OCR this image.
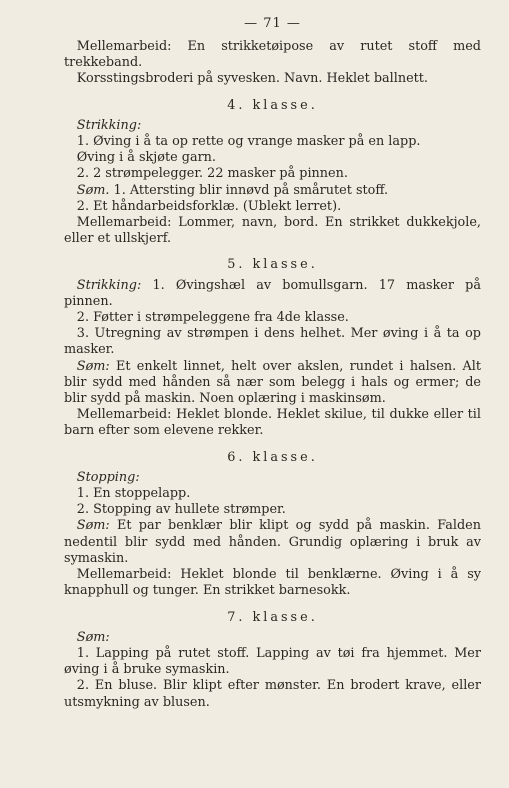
— 71 —

Mellemarbeid: En strikketøipose av rutet stoff med trekkeband.

Korsstingsbroderi på syvesken. Navn. Heklet ballnett.

4. klasse.

Strikking:

1. Øving i å ta op rette og vrange masker på en lapp.

Øving i å skjøte garn.

2. 2 strømpelegger. 22 masker på pinnen.

Søm. 1. Attersting blir innøvd på smårutet stoff.

2. Et håndarbeidsforklæ. (Ublekt lerret).

Mellemarbeid: Lommer, navn, bord. En strikket dukkekjole, eller et ullskjerf.

5. klasse.

Strikking: 1. Øvingshæl av bomullsgarn. 17 masker på pinnen.

2. Føtter i strømpeleggene fra 4de klasse.

3. Utregning av strømpen i dens helhet. Mer øving i å ta op masker.

Søm: Et enkelt linnet, helt over akslen, rundet i halsen. Alt blir sydd med hånden så nær som belegg i hals og ermer; de blir sydd på maskin. Noen oplæring i maskinsøm.

Mellemarbeid: Heklet blonde. Heklet skilue, til dukke eller til barn efter som elevene rekker.

6. klasse.

Stopping:

1. En stoppelapp.

2. Stopping av hullete strømper.

Søm: Et par benklær blir klipt og sydd på maskin. Falden nedentil blir sydd med hånden. Grundig oplæring i bruk av symaskin.

Mellemarbeid: Heklet blonde til benklærne. Øving i å sy knapphull og tunger. En strikket barnesokk.

7. klasse.

Søm:

1. Lapping på rutet stoff. Lapping av tøi fra hjemmet. Mer øving i å bruke symaskin.

2. En bluse. Blir klipt efter mønster. En brodert krave, eller utsmykning av blusen.
